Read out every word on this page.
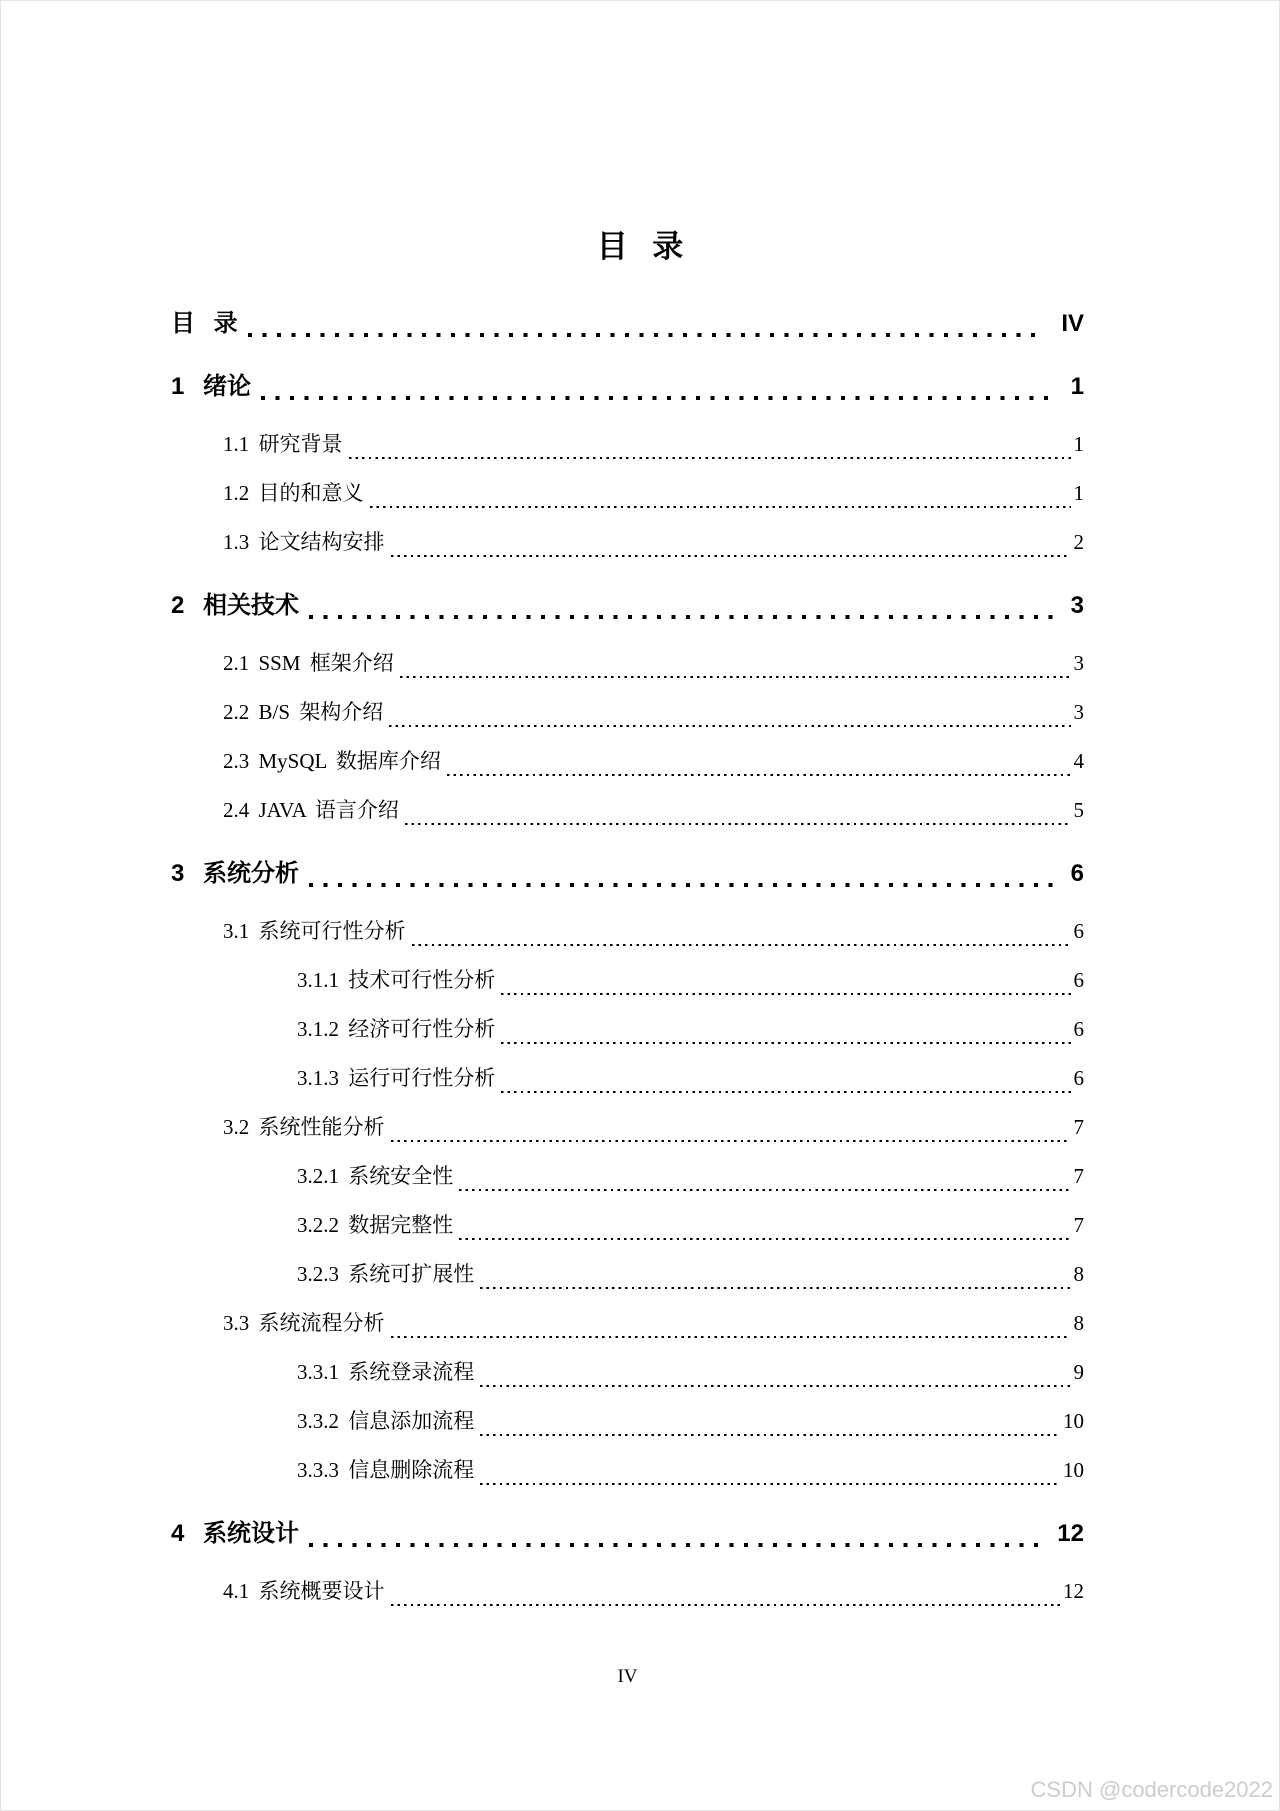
目 录
目 录	IV
1 绪论	1
1.1 研究背景	1
1.2 目的和意义	1
1.3 论文结构安排	2
2 相关技术	3
2.1 SSM 框架介绍	3
2.2 B/S 架构介绍	3
2.3 MySQL 数据库介绍	4
2.4 JAVA 语言介绍	5
3 系统分析	6
3.1 系统可行性分析	6
3.1.1 技术可行性分析	6
3.1.2 经济可行性分析	6
3.1.3 运行可行性分析	6
3.2 系统性能分析	7
3.2.1 系统安全性	7
3.2.2 数据完整性	7
3.2.3 系统可扩展性	8
3.3 系统流程分析	8
3.3.1 系统登录流程	9
3.3.2 信息添加流程	10
3.3.3 信息删除流程	10
4 系统设计	12
4.1 系统概要设计	12
IV
CSDN @codercode2022
